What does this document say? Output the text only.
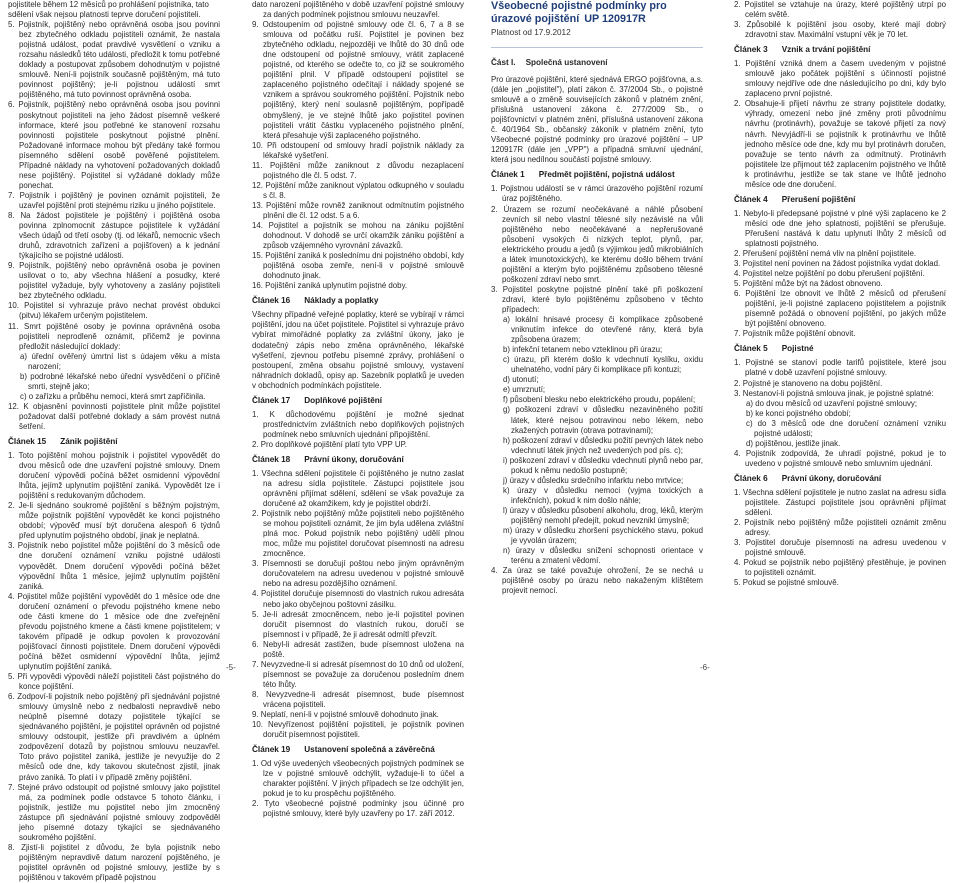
pojistitele během 12 měsíců po prohlášení pojistníka, tato

sdělení však nejsou platnosti teprve doručení pojistiteli.

5. Pojistník, pojištěný nebo oprávněná osoba jsou povinni bez zbytečného odkladu pojistiteli oznámit, že nastala pojistná událost, podat pravdivé vysvětlení o vzniku a rozsahu následků této události, předložit k tomu potřebné doklady a postupovat způsobem dohodnutým v pojistné smlouvě. Není-li pojistník současně pojištěným, má tuto povinnost pojištěný; je-li pojistnou událostí smrt pojištěného, má tuto povinnost oprávněná osoba.

6. Pojistník, pojištěný nebo oprávněná osoba jsou povinni poskytnout pojistiteli na jeho žádost písemně veškeré informace, které jsou potřebné ke stanovení rozsahu povinnosti pojistitele poskytnout pojistné plnění. Požadované informace mohou být předány také formou písemného sdělení osobě pověřené pojistitelem. Případné náklady na vyhotovení požadovaných dokladů nese pojištěný. Pojistitel si vyžádané doklady může ponechat.

7. Pojistník i pojištěný je povinen oznámit pojistiteli, že uzavřel pojištění proti stejnému riziku u jiného pojistitele.

8. Na žádost pojistitele je pojištěný i pojištěná osoba povinna zplnomocnit zástupce pojistitele k vyžádání všech údajů od třetí osoby (tj. od lékařů, nemocnic všech druhů, zdravotních zařízení a pojišťoven) a k jednání týkajícího se pojistné události.

9. Pojistník, pojištěný nebo oprávněná osoba je povinen usilovat o to, aby všechna hlášení a posudky, které pojistitel vyžaduje, byly vyhotoveny a zaslány pojistiteli bez zbytečného odkladu.

10. Pojistitel si vyhrazuje právo nechat provést obdukci (pitvu) lékařem určeným pojistitelem.

11. Smrt pojištěné osoby je povinna oprávněná osoba pojistiteli neprodleně oznámit, přičemž je povinna předložit následující doklady:

a) úřední ověřený úmrtní list s údajem věku a místa narození;

b) podrobné lékařské nebo úřední vysvědčení o příčině smrti, stejně jako;

c) o zařízku a průběhu nemoci, která smrt zapříčinila.

12. K objasnění povinnosti pojistitele plnit může pojistitel požadovat další potřebné doklady a sám provést nutná šetření.

Článek 15 Zánik pojištění

1. Toto pojištění mohou pojistník i pojistitel vypovědět do dvou měsíců ode dne uzavření pojistné smlouvy. Dnem doručení výpovědi počíná běžet osmidenní výpovědní lhůta, jejímž uplynutím pojištění zaniká. Vypovědět lze i pojištění s redukovaným důchodem.

2. Je-li sjednáno soukromé pojištění s běžným pojistným, může pojistník pojištění vypovědět ke konci pojistného období; výpověď musí být doručena alespoň 6 týdnů před uplynutím pojistného období, jinak je neplatná.

3. Pojistník nebo pojistitel může pojištění do 3 měsíců ode dne doručení oznámení vzniku pojistné události vypovědět. Dnem doručení výpovědi počíná běžet výpovědní lhůta 1 měsíce, jejímž uplynutím pojištění zaniká.

4. Pojistitel může pojištění vypovědět do 1 měsíce ode dne doručení oznámení o převodu pojistného kmene nebo ode části kmene do 1 měsíce ode dne zveřejnění převodu pojistného kmene a části kmene pojistitelem; v takovém případě je odkup povolen k provozování pojišťovací činnosti pojistitele. Dnem doručení výpovědi počíná běžet osmidenní výpovědní lhůta, jejímž uplynutím pojištění zaniká.

5. Při vypovědi výpovědi náleží pojistiteli část pojistného do konce pojištění.

6. Zodpoví-li pojistník nebo pojištěný při sjednávání pojistné smlouvy úmyslně nebo z nedbalosti nepravdivě nebo neúplně písemné dotazy pojistitele týkající se sjednávaného pojištění, je pojistitel oprávněn od pojistné smlouvy odstoupit, jestliže při pravdivém a úplném zodpovězení dotazů by pojistnou smlouvu neuzavřel. Toto právo pojistitel zaniká, jestliže je nevyužije do 2 měsíců ode dne, kdy takovou skutečnost zjistil, jinak právo zaniká. To platí i v případě změny pojištění.

7. Stejné právo odstoupit od pojistné smlouvy jako pojistitel má, za podmínek podle odstavce 5 tohoto článku, i pojistník, jestliže mu pojistitel nebo jím zmocněný zástupce při sjednávání pojistné smlouvy zodpověděl jeho písemné dotazy týkající se sjednávaného soukromého pojištění.

8. Zjistí-li pojistitel z důvodu, že byla pojistník nebo pojištěným nepravdivě datum narození pojištěného, je pojistitel oprávněn od pojistné smlouvy, jestliže by s pojištěnou v takovém případě pojistnou

dato narození pojištěného v době uzavření pojistné smlouvy za daných podmínek pojistnou smlouvu neuzavřel.

9. Odstoupením od pojistné smlouvy ode čl. 6, 7 a 8 se smlouva od počátku ruší. Pojistitel je povinen bez zbytečného odkladu, nejpozději ve lhůtě do 30 dnů ode dne odstoupení od pojistné smlouvy, vrátit zaplacené pojistné, od kterého se odečte to, co již se soukromého pojištění plnil. V případě odstoupení pojistitel se zaplaceného pojistného odečítají i náklady spojené se vznikem a správou soukromého pojištění. Pojistník nebo pojištěný, který není soulasně pojištěným, popřípadě obmyšlený, je ve stejné lhůtě jako pojistitel povinen pojistiteli vrátit částku vyplaceného pojistného plnění, která přesahuje výši zaplaceného pojistného.

10. Při odstoupení od smlouvy hradí pojistník náklady za lékařské vyšetření.

11. Pojištění může zaniknout z důvodu nezaplacení pojistného dle čl. 5 odst. 7.

12. Pojištění může zaniknout výplatou odkupného v souladu s čl. 8.

13. Pojištění může rovněž zaniknout odmítnutím pojistného plnění dle čl. 12 odst. 5 a 6.

14. Pojistitel a pojistník se mohou na zániku pojištění dohodnout. V dohodě se určí okamžik zániku pojištění a způsob vzájemného vyrovnání závazků.

15. Pojištění zaniká k poslednímu dni pojistného období, kdy pojištěná osoba zemře, není-li v pojistné smlouvě dohodnuto jinak.

16. Pojištění zaniká uplynutím pojistné doby.

Článek 16 Náklady a poplatky

Všechny případné veřejné poplatky, které se vybírají v rámci pojištění, jdou na účet pojistitele. Pojistitel si vyhrazuje právo vybírat mimořádné poplatky za zvláštní úkony, jako je dodatečný zápis nebo změna oprávněného, lékařské vyšetření, zjevnou potřebu písemné zprávy, prohlášení o postoupení, změna obsahu pojistné smlouvy, vystavení náhradních dokladů, opisy ap. Sazebník poplatků je uveden v obchodních podmínkách pojistitele.

Článek 17 Doplňkové pojištění

1. K důchodovému pojištění je možné sjednat prostřednictvím zvláštních nebo doplňkových pojistných podmínek nebo smluvních ujednání připojištění.

2. Pro doplňkové pojištění platí tyto VPP UP.

Článek 18 Právní úkony, doručování

1. Všechna sdělení pojistitele či pojištěného je nutno zaslat na adresu sídla pojistitele. Zástupci pojistitele jsou oprávněni přijímat sdělení, sdělení se však považuje za doručené až okamžikem, kdy je pojistitel obdrží.

2. Pojistník nebo pojištěný může pojistiteli nebo pojištěného se mohou pojistiteli oznámit, že jim byla udělena zvláštní plná moc. Pokud pojistník nebo pojištěný udělí plnou moc, může mu pojistitel doručovat písemnosti na adresu zmocněnce.

3. Písemnosti se doručují poštou nebo jiným oprávněným doručovatelem na adresu uvedenou v pojistné smlouvě nebo na adresu pozdějšího oznámení.

4. Pojistitel doručuje písemnosti do vlastních rukou adresáta nebo jako obyčejnou poštovní zásilku.

5. Je-li adresát zmocněncem, nebo je-li pojistitel povinen doručit písemnost do vlastních rukou, doručí se písemnost i v případě, že ji adresát odmítl převzít.

6. Nebyl-li adresát zastižen, bude písemnost uložena na poště.

7. Nevyzvedne-li si adresát písemnost do 10 dnů od uložení, písemnost se považuje za doručenou posledním dnem této lhůty.

8. Nevyzvedne-li adresát písemnost, bude písemnost vrácena pojistiteli.

9. Neplatí, není-li v pojistné smlouvě dohodnuto jinak.

10. Nevyřízenost pojištění pojistiteli, je pojistník povinen doručit písemnost pojistiteli.

Článek 19 Ustanovení společná a závěrečná

1. Od výše uvedených všeobecných pojistných podmínek se lze v pojistné smlouvě odchýlit, vyžaduje-li to účel a charakter pojištění. V jiných případech se lze odchýlit jen, pokud je to ku prospěchu pojištěného.

2. Tyto všeobecné pojistné podmínky jsou účinné pro pojistné smlouvy, které byly uzavřeny po 17. září 2012.

-5-
Všeobecné pojistné podmínky pro úrazové pojištění UP 120917R
Platnost od 17.9.2012
Část I. Společná ustanovení

Pro úrazové pojištění, které sjednává ERGO pojišťovna, a.s. (dále jen „pojistitel"), platí zákon č. 37/2004 Sb., o pojistné smlouvě a o změně souvisejících zákonů v platném znění, příslušná ustanovení zákona č. 277/2009 Sb., o pojišťovnictví v platném znění, příslušná ustanovení zákona č. 40/1964 Sb., občanský zákoník v platném znění, tyto Všeobecné pojistné podmínky pro úrazové pojištění – UP 120917R (dále jen „VPP") a případná smluvní ujednání, která jsou nedílnou součástí pojistné smlouvy.

Článek 1 Předmět pojištění, pojistná událost

1. Pojistnou událostí se v rámci úrazového pojištění rozumí úraz pojištěného.

2. Úrazem se rozumí neočekávané a náhlé působení zevních sil nebo vlastní tělesné síly nezávislé na vůli pojištěného nebo neočekávané a nepřerušované působení vysokých či nízkých teplot, plynů, par, elektrického proudu a jedů (s výjimkou jedů mikrobiálních a látek imunotoxických), ke kterému došlo během trvání pojištění a kterým bylo pojištěnému způsobeno tělesné poškození zdraví nebo smrt.

3. Pojistitel poskytne pojistné plnění také při poškození zdraví, které bylo pojištěnému způsobeno v těchto případech:

a) lokální hnisavé procesy či komplikace způsobené vniknutím infekce do otevřené rány, která byla způsobena úrazem;

b) infekční tetanem nebo vzteklinou při úrazu;

c) úrazu, při kterém došlo k vdechnutí kyslíku, oxidu uhelnatého, vodní páry či komplikace při kontuzi;

d) utonutí;

e) umrznutí;

f) působení blesku nebo elektrického proudu, popálení;

g) poškození zdraví v důsledku nezaviněného požití látek, které nejsou potravinou nebo lékem, nebo zkažených potravin (otrava potravinami);

h) poškození zdraví v důsledku požití pevných látek nebo vdechnutí látek jiných než uvedených pod pís. c);

i) poškození zdraví v důsledku vdechnutí plynů nebo par, pokud k němu nedošlo postupně;

j) úrazy v důsledku srdečního infarktu nebo mrtvice;

k) úrazy v důsledku nemoci (vyjma toxických a infekčních), pokud k nim došlo náhle;

l) úrazy v důsledku působení alkoholu, drog, léků, kterým pojištěný nemohl předejít, pokud nevznikl úmyslně;

m) úrazy v důsledku zhoršení psychického stavu, pokud je vyvolán úrazem;

n) úrazy v důsledku snížení schopnosti orientace v terénu a zmatení vědomí.

4. Za úraz se také považuje ohrožení, že se nechá u pojištěné osoby po úrazu nebo nakaženým klíštětem projevit nemocí.

2. Pojistitel se vztahuje na úrazy, které pojištěný utrpí po celém světě.

3. Způsobilé k pojištění jsou osoby, které mají dobrý zdravotní stav. Maximální vstupní věk je 70 let.

Článek 3 Vznik a trvání pojištění

1. Pojištění vzniká dnem a časem uvedeným v pojistné smlouvě jako počátek pojištění s účinností pojistné smlouvy nejdříve ode dne následujícího po dni, kdy bylo zaplaceno první pojistné.

2. Obsahuje-li přijetí návrhu ze strany pojistitele dodatky, výhrady, omezení nebo jiné změny proti původnímu návrhu (protinávrh), považuje se takové přijetí za nový návrh. Nevyjádří-li se pojistník k protinávrhu ve lhůtě jednoho měsíce ode dne, kdy mu byl protinávrh doručen, považuje se tento návrh za odmítnutý. Protinávrh pojistitele lze přijmout též zaplacením pojistného ve lhůtě k protinávrhu, jestliže se tak stane ve lhůtě jednoho měsíce ode dne doručení.

Článek 4 Přerušení pojištění

1. Nebylo-li předepsané pojistné v plné výši zaplaceno ke 2 měsíci ode dne jeho splatnosti, pojištění se přerušuje. Přerušení nastává k datu uplynutí lhůty 2 měsíců od splatnosti pojistného.

2. Přerušení pojištění nemá vliv na plnění pojistitele.

3. Pojistitel není povinen na žádost pojistníka vydat doklad.

4. Pojistitel nelze pojištění po dobu přerušení pojištění.

5. Pojištění může být na žádost obnoveno.

6. Pojištění lze obnovit ve lhůtě 2 měsíců od přerušení pojištění, je-li pojistné zaplaceno pojistitelem a pojistník písemně požádá o obnovení pojištění, po jakých může být pojištění obnoveno.

7. Pojistník může pojištění obnovit.

Článek 5 Pojistné

1. Pojistné se stanoví podle tarifů pojistitele, které jsou platné v době uzavření pojistné smlouvy.

2. Pojistné je stanoveno na dobu pojištění.

3. Nestanoví-li pojistná smlouva jinak, je pojistné splatné:

a) do dvou měsíců od uzavření pojistné smlouvy;

b) ke konci pojistného období;

c) do 3 měsíců ode dne doručení oznámení vzniku pojistné události;

d) pojištěnou, jestliže jinak.

4. Pojistník zodpovídá, že uhradí pojistné, pokud je to uvedeno v pojistné smlouvě nebo smluvním ujednání.

Článek 6 Právní úkony, doručování

1. Všechna sdělení pojistitele je nutno zaslat na adresu sídla pojistitele. Zástupci pojistitele jsou oprávněni přijímat sdělení.

2. Pojistník nebo pojištěný může pojistiteli oznámit změnu adresy.

3. Pojistitel doručuje písemnosti na adresu uvedenou v pojistné smlouvě.

4. Pokud se pojistník nebo pojištěný přestěhuje, je povinen to pojistiteli oznámit.

5. Pokud se pojistné smlouvě.

-6-
